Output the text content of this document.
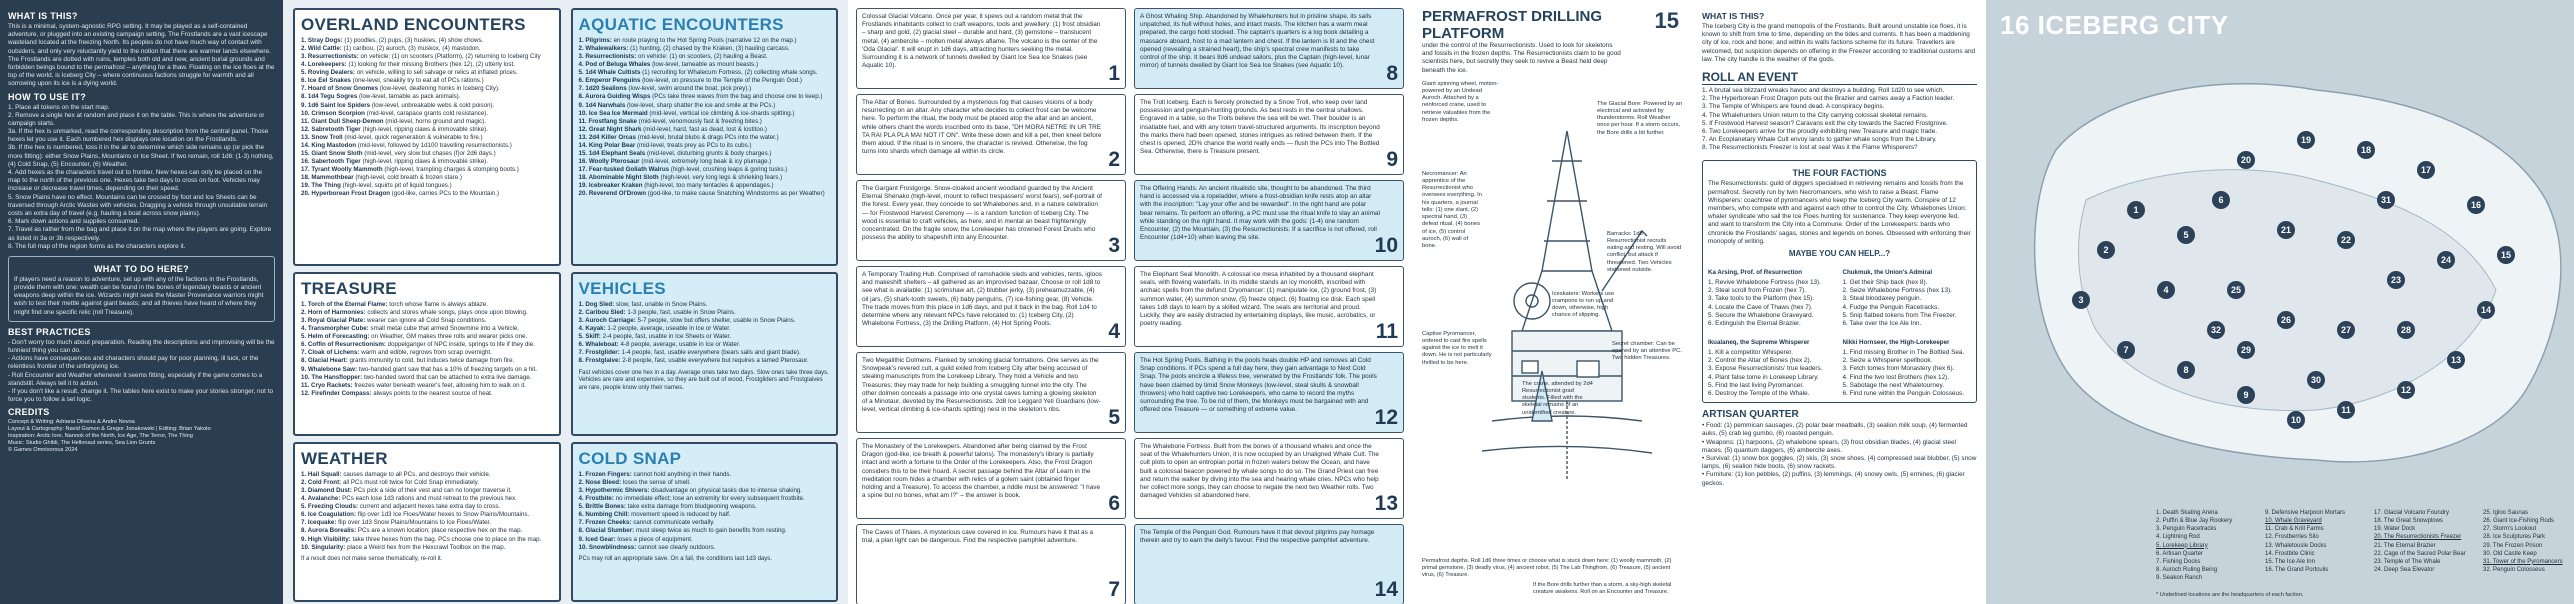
WHAT IS THIS?

This is a minimal, system-agnostic RPG setting. It may be played as a self-contained adventure, or plugged into an existing campaign setting. The Frostlands are a vast icescape wasteland located at the freezing North. Its peoples do not have much way of contact with outsiders, and only very reluctantly yield to the notion that there are warmer lands elsewhere. The Frostlands are dotted with ruins, temples both old and new, ancient burial grounds and forbidden beings bound to the permafrost – anything for a thaw. Floating on the ice floes at the top of the world, is Iceberg City – where continuous factions struggle for warmth and all sorrowing upon its ice is a dying world.

HOW TO USE IT?
1. Place all tokens on the start map.
2. Remove a single hex at random and place it on the table. This is where the adventure or campaign starts.
3a. If the hex is unmarked, read the corresponding description from the central panel. Those hexes let you use it. Each numbered hex displays one location on the Frostlands.
3b. If the hex is numbered, toss it in the air to determine which side remains up (or pick the more fitting): either Snow Plains, Mountains or Ice Sheet. If two remain, roll 1d6: (1-3) nothing, (4) Cold Snap, (5) Encounter, (6) Weather.
4. Add hexes as the characters travel out to frontier. New hexes can only be placed on the map to the north of the previous one. Hexes take two days to cross on foot. Vehicles may increase or decrease travel times, depending on their speed.
5. Snow Plains have no effect. Mountains can be crossed by foot and Ice Sheets can be traversed through Arctic Wastes with vehicles. Dragging a vehicle through unsuitable terrain costs an extra day of travel (e.g. hauling a boat across snow plains).
6. Mark down actions and supplies consumed.
7. Travel as rather from the bag and place it on the map where the players are going. Explore as listed in 3a or 3b respectively.
8. The full map of the region forms as the characters explore it.
WHAT TO DO HERE?

If players need a reason to adventure, set up with any of the factions in the Frostlands, provide them with one: wealth can be found in the bones of legendary beasts or ancient weapons deep within the ice. Wizards might seek the Master Provenance warriors might wish to test their mettle against giant beasts; and all thieves have heard of where they might find one specific relic (roll Treasure).

BEST PRACTICES

- Don't worry too much about preparation. Reading the descriptions and improvising will be the funniest thing you can do.
- Actions have consequences and characters should pay for poor planning, ill luck, or the relentless frontier of the unforgiving ice.
- Roll Encounter and Weather whenever it seems fitting, especially if the game comes to a standstill. Always tell it to action.
- If you don't like a result, change it. The tables here exist to make your stories stronger, not to force you to follow a set logic.

CREDITS

Concept & Writing: Adriana Oliveira & Andre Novoa
Layout & Cartography: Navid Gamon & Gregor Jonakowski | Editing: Brian Yakoto
Inspiration: Arctic lore, Nanook of the North, Ice Age, The Terror, The Thing
Music: Studio Ghibli, The Hellonaut series, Sea Lion Grunts
© Games Omnivorous 2024

OVERLAND ENCOUNTERS
1. Stray Dogs: (1) poodles, (2) pups, (3) huskies, (4) show chows.
2. Wild Cattle: (1) caribou, (2) auroch, (3) muskox, (4) mastodon.
3. Resurrectionists: on vehicle: (1) on scooters (Platform), (2) returning to Iceberg City
4. Lorekeepers: (1) looking for their missing Brothers (hex 12), (2) utterly lost.
5. Roving Dealers: on vehicle, willing to sell salvage or relics at inflated prices.
6. Ice Eel Snakes (one-level, sneakily try to eat all of PCs rations.)
7. Hoard of Snow Gnomes (low-level, deafening honks in Iceberg City).
8. 1d4 Tegu Sogres (low-level, tamable as pack animals).
9. 1d6 Saint Ice Spiders (low-level, unbreakable webs & cold poison).
10. Crimson Scorpion (mid-level, carapace grants cold resistance).
11. Giant Dull Sheep-Demon (mid-level, horns ground and magic).
12. Sabretooth Tiger (high-level, ripping claws & immovable strike).
13. Snow Troll (mid-level, quick regeneration & vulnerable to fire.)
14. King Mastodon (mid-level, followed by 1d100 travelling resurrectionists.)
15. Giant Snow Sloth (mid-level, very slow but chases (f)or 2d6 days.)
16. Sabertooth Tiger (high-level, ripping claws & immovable strike).
17. Tyrant Woolly Mammoth (high-level, trampling charges & stomping boots.)
18. Mammothbear (high-level, cold breath & frozen stare.)
19. The Thing (high-level, squirts pit of liquid tongues.)
20. Hyperborean Frost Dragon (god-like, carries PCs to the Mountain.)
AQUATIC ENCOUNTERS
1. Pilgrims: en route praying to the Hot Spring Pools (narrative 12 on the map.)
2. Whalewalkers: (1) hunting, (2) chased by the Kraken, (3) hauling carcass.
3. Resurrectionists: on vehicle: (1) on scooters, (2) hauling a Beast.
4. Pod of Beluga Whales (low-level, tameable as mount beasts.)
5. 1d4 Whale Cultists (1) recruiting for Whalecum Fortress, (2) collecting whale songs.
6. Emperor Penguins (low-level, on pressure to the Temple of the Penguin God.)
7. 1d20 Sealions (low-level, swim around the boat, pick prey).)
8. Aurora Guiding Wisps (PCs take three waves from the bag and choose one to keep.)
9. 1d4 Narwhals (low-level, sharp shatter the ice and smile at the PCs.)
10. Ice Sea Ice Mermaid (mid-level, vertical ice climbing & ice-shards spitting.)
11. Frostfang Snake (mid-level, venomously fast & freezing bites.)
12. Great Night Shark (mid-level, hard, fast as dead, lost & lostitoo.)
13. 2d4 Killer Orcas (mid-level, brutal blubs & drags PCs into the water.)
14. King Polar Bear (mid-level, treats prey as PCs to its cubs.)
15. 1d4 Elephant Seals (mid-level, disturbing grunts & body charges.)
16. Woolly Pterosaur (mid-level, extremely long beak & icy plumage.)
17. Fear-tusked Goliath Walrus (high-level, crushing leaps & goring tusks.)
18. Abominable Night Sloth (high-level, very long legs & shrieking fears.)
19. Icebreaker Kraken (high-level, too many tentacles & appendages.)
20. Reverend Ol'Drown (god-like, to make cause Snatching Windstorms as per Weather)
TREASURE
1. Torch of the Eternal Flame: torch whose flame is always ablaze.
2. Horn of Harmonies: collects and stores whale songs, plays once upon blowing.
3. Royal Glacial Plate: wearer can ignore all Cold Snap conditions.
4. Transmorpher Cube: small metal cube that armed Snowmine into a Vehicle.
5. Helm of Forecasting: on Weather, GM makes three rolls and wearer picks one.
6. Coffin of Resurrectionism: doppelganger of NPC inside, springs to life if they die.
7. Cloak of Lichens: warm and edible, regrows from scrap overnight.
8. Glacial Heart: grants immunity to cold, but induces twice damage from fire.
9. Whalebone Saw: two-handed giant saw that has a 10% of freezing targets on a hit.
10. The Hansflopper: two-handed sword that can be attached to extra live damage.
11. Cryo Rackets: freezes water beneath wearer's feet, allowing him to walk on it.
12. Firefinder Compass: always points to the nearest source of heat.
VEHICLES
1. Dog Sled: slow, fast, unable in Snow Plains.
2. Caribou Sled: 1-3 people, fast, usable in Snow Plains.
3. Auroch Carriage: 5-7 people, slow but offers shelter, usable in Snow Plains.
4. Kayak: 1-2 people, average, useable in Ice or Water.
5. Skiff: 2-4 people, fast, usable in Ice Sheets or Water.
6. Whaleboat: 4-8 people, average, usable in Ice or Water.
7. Frostglider: 1-4 people, fast, usable everywhere (bears sails and giant blade).
8. Frostglaive: 2-8 people, fast, usable everywhere but requires a tamed Pterosaur.

Fast vehicles cover one hex in a day. Average ones take two days. Slow ones take three days. Vehicles are rare and expensive, so they are built out of wood, Frostgliders and Frostglaives are rare, people know only their names.

WEATHER
1. Hail Squall: causes damage to all PCs, and destroys their vehicle.
2. Cold Front: all PCs must roll twice for Cold Snap immediately.
3. Diamond Dust: PCs pick a side of their vest and can no longer traverse it.
4. Avalanche: PCs each lose 1d3 rations and must retreat to the previous hex.
5. Freezing Clouds: current and adjacent hexes take extra day to cross.
6. Ice Coagulation: flip over 1d3 Ice Floes/Water hexes to Snow Plains/Mountains.
7. Icequake: flip over 1d3 Snow Plains/Mountains to Ice Floes/Water.
8. Aurora Borealis: PCs are a known location; place respective hex on the map.
9. High Visibility: take three hexes from the bag. PCs choose one to place on the map.
10. Singularity: place a Weird hex from the Hexcrawl Toolbox on the map.

If a result does not make sense thematically, re-roll it.

COLD SNAP
1. Frozen Fingers: cannot hold anything in their hands.
2. Nose Bleed: loses the sense of smell.
3. Hypothermic Shivers: disadvantage on physical tasks due to intense shaking.
4. Frostbite: no immediate effect; lose an extremity for every subsequent frostbite.
5. Brittle Bones: take extra damage from bludgeoning weapons.
6. Numbing Chill: movement speed is reduced by half.
7. Frozen Cheeks: cannot communicate verbally.
8. Glacial Slumber: must sleep twice as much to gain benefits from resting.
9. Iced Gear: loses a piece of equipment.
10. Snowblindness: cannot see clearly outdoors.

PCs may roll an appropriate save. On a fail, the conditions last 1d3 days.

Colossal Glacial Volcano. Once per year, it spews out a random metal that the Frostlands inhabitants collect to craft weapons, tools and jewellery: (1) frost obsidian – sharp and gold, (2) glacial steel – durable and hard, (3) gemstone – translucent metal, (4) ambercite – molten metal always aflame. The volcano is the center of the 'Oda Glacial'. It will erupt in 1d6 days, attracting hunters seeking the metal. Surrounding it is a network of tunnels dwelled by Giant Ice Sea Ice Snakes (see Aquatic 10).	1

A Ghost Whaling Ship. Abandoned by Whalehunters but in pristine shape, its sails unpatched, its hull without holes, and intact masts. The kitchen has a warm meal prepared, the cargo hold stocked. The captain's quarters is a log book detailing a massacre aboard, host to a mad lantern and chest. If the lantern is lit and the chest opened (revealing a strained heart), the ship's spectral crew manifests to take control of the ship. It bears 8d6 undead sailors, plus the Captain (high-level, lunar mirror) of tunnels dwelled by Giant Ice Sea Ice Snakes (see Aquatic 10).	8

The Altar of Bones. Surrounded by a mysterious fog that causes visions of a body resurrecting on an altar. Any character who decides to collect frost can be welcome here. To perform the ritual, the body must be placed atop the altar and an ancient, while others chant the words inscribed onto its base, "DH MORA NETRE IN UR TRE TA RAI PLA PLA MAI NOT IT ON". Write these down and kill a pet, then kneel before them aloud. If the ritual is in sincere, the character is revived. Otherwise, the fog turns into shards which damage all within its circle.	2

The Troll Iceberg. Each is fiercely protected by a Snow Troll, who keep over land possession and penguin-hunting grounds. As best rests in the central shallows. Engraved in a table, so the Trolls believe the sea will be wet. Their boulder is an insatiable fuel, and with any totem travel-structured arguments. Its inscription beyond the marks there had been opened, stones intrigues as retired between them. If the chest is opened, 2D% chance the world really ends — flush the PCs into The Bottled Sea. Otherwise, there is Treasure present.	9

The Gargant Frostgorge. Snow-cloaked ancient woodland guarded by the Ancient Eternal Shenako (high-level, mount to reflect trespassers' worst fears), self-portrait of the forest. Every year, they concede to set Whalebones and, in a nature celebration — for Frostwood Harvest Ceremony — is a random function of Iceberg City. The wood is essential to craft vehicles, as here, and in mental an beast frighteningly concentrated. On the fragile snow, the Lorekeeper has crowned Forest Druids who possess the ability to shapeshift into any Encounter.	3

The Offering Hands. An ancient ritualistic site, thought to be abandoned. The third hand is accessed via a ropeladder, where a frost-obsidian knife rests atop an altar with the inscription: "Lay your offer and be rewarded". In the right hand are polar bear remains. To perform an offering, a PC must use the ritual knife to slay an animal while standing on the right hand. It may work with the gods: (1-4) one random Encounter, (2) the Mountain, (3) the Resurrectionists. If a sacrifice is not offered, roll Encounter (1d4+10) when leaving the site.	10

A Temporary Trading Hub. Comprised of ramshackle sleds and vehicles, tents, igloos and makeshift shelters – all gathered as an improvised bazaar. Choose or roll 1d8 to see what is available: (1) scrimshaw art, (2) blubber jerky, (3) preheamuzzable, (4) oil jars, (5) shark-tooth sweets, (6) baby penguins, (7) ice-fishing gear, (8) Vehicle. The trade moves from this place in 1d6 days, and put it back in the bag. Roll 1d4 to determine where any relevant NPCs have relocated to: (1) Iceberg City, (2) Whalebone Fortress, (3) the Drilling Platform, (4) Hot Spring Pools.	4

The Elephant Seal Monolith. A colossal ice mesa inhabited by a thousand elephant seals, with flowing waterfalls. In its middle stands an icy monolith, inscribed with archaic spells from the defunct Cryomancer: (1) manipulate ice, (2) ground frost, (3) summon water, (4) summon snow, (5) freeze object, (6) floating ice disk. Each spell takes 1d8 days to learn by a skilled wizard. The seals are territorial and proud. Luckily, they are easily distracted by entertaining displays, like music, acrobatics, or poetry reading.	11

Two Megalithic Dolmens. Flanked by smoking glacial formations. One serves as the Snowpeak's revered cult, a guild exiled from Iceberg City after being accused of stealing manuscripts from the Lorekeep Library. They hold a Vehicle and two Treasures; they may trade for help building a smuggling tunnel into the city. The other dolmen conceals a passage into one crystal caves turning a glowing skeleton of a Minotaur, devoted by the Resurrectionists. 2d8 Ice Leggard Yeti Guardians (low-level, vertical climbing & ice-shards spitting) nest in the skeleton's ribs.	5

The Hot Spring Pools. Bathing in the pools heals double HP and removes all Cold Snap conditions. If PCs spend a full day here, they gain advantage to Next Cold Snap. The pools encircle a lifeless tree, venerated by the Frostlands' folk. The pools have been claimed by timid Snow Monkeys (low-level, steal skulls & snowball throwers) who hold captive two Lorekeepers, who came to record the myths surrounding the tree. To be rid of them, the Monkeys must be bargained with and offered one Treasure — or something of extreme value.	12

The Monastery of the Lorekeepers. Abandoned after being claimed by the Frost Dragon (god-like, ice breath & powerful talons). The monastery's library is partially intact and worth a fortune to the Order of the Lorekeepers. Also, the Frost Dragon considers this to be their hoard. A secret passage behind the Altar of Learn in the meditation room hides a chamber with relics of a golem saint (obtained finger holding and a Treasure). To access the chamber, a riddle must be answered: "I have a spine but no bones, what am I?" – the answer is book.	6

The Whalebone Fortress. Built from the bones of a thousand whales and once the seat of the Whalehunters Union, it is now occupied by an Unaligned Whale Cult. The cult plots to open an entropian portal in frozen waters below the Ocean, and have built a colossal beacon powered by whale songs to do so. The Grand Priest can free and return the walker by diving into the sea and hearing whale cries. NPCs who help her collect more songs, they can choose to negate the next two Weather rolls. Two damaged Vehicles sit abandoned here.	13

The Caves of Thaws. A mysterious cave covered in ice. Rumours have it that as a trial, a plan light can be dangerous. Find the respective pamphlet adventure.

7

The Temple of the Penguin God. Rumours have it that devout pilgrims pay homage therein and try to earn the deity's favour. Find the respective pamphlet adventure.

14
PERMAFROST DRILLING PLATFORM
15

under the control of the Resurrectionists. Used to look for skeletons and fossils in the frozen depths. The Resurrectionists claim to be good scientists here, but secretly they seek to revive a Beast held deep beneath the ice.

Giant spinning wheel, motion-powered by an Undead Auroch. Attached by a reinforced crane, used to retrieve valuables from the frozen depths.
The Glacial Bore: Powered by an electrical and activated by thunderstorms. Roll Weather once per hour. If a storm occurs, the Bore drills a bit further.
Necromancer: An apprentice of the Resurrectionist who oversees everything. In his quarters, a journal tells: (1) one slant, (2) spectral hand, (3) defeat ritual, (4) bones of ice, (5) control auroch, (6) wall of bone.
Barracks: 1d8 Resurrectionist recruits eating and resting. Will avoid conflict, but attack if threatened. Two Vehicles stationed outside.
Iceskaters: Workers use crampons to run up and down, otherwise, high chance of slipping.
Captive Pyromancer, ordered to cast fire spells against the ice to melt it down. He is not particularly thrilled to be here.
The crane, attended by 2d4 Resurrectionist grad students. Filled with the skeletal remains of an unidentified creature.
Secret chamber: Can be opened by an attentive PC. Two hidden Treasures.

Permafrost depths. Roll 1d6 three times or choose what is stuck down here: (1) woolly mammoth, (2) primal gemstone, (3) deadly virus, (4) ancient robot, (5) The Lab Thingfrom, (6) Treasure, (5) ancient virus, (6) Treasure.

If the Bore drills further than a storm, a sky-high skeletal creature awakens. Roll on an Encounter and Treasure.

WHAT IS THIS?

The Iceberg City is the grand metropolis of the Frostlands. Built around unstable ice floes, it is known to shift from time to time, depending on the tides and currents. It has been a maddening city of ice, rock and bone; and within its walls factions scheme for its future. Travellers are welcomed, but suspicion depends on offering in the Freezer according to traditional customs and law. The city handle is the weather of the gods.

ROLL AN EVENT
1. A brutal sea blizzard wreaks havoc and destroys a building. Roll 1d20 to see which.
2. The Hyperborean Frost Dragon puts out the Brazier and carries away a Faction leader.
3. The Temple of Whispers are found dead. A conspiracy begins.
4. The Whalehunters Union return to the City carrying colossal skeletal remains.
5. If Frostwood Harvest season? Caravans exit the city towards the Sacred Frostgrove.
6. Two Lorekeepers arrive for the proudly exhibiting new Treasure and magic trade.
7. An Ecoplanetary Whale Cult envoy lands to gather whale songs from the Library.
8. The Resurrectionists Freezer is lost at sea! Was it the Flame Whisperers?
THE FOUR FACTIONS

The Resurrectionists: guild of diggers specialised in retrieving remains and fossils from the permafrost. Secretly run by twin Necromancers, who wish to raise a Beast. Flame Whisperers: coachtree of pyromancers who keep the Iceberg City warm. Conspire of 12 members, who compete with and against each other to control the City. Whalebones Union: whaler syndicate who sail the Ice Floes hunting for sustenance. They keep everyone fed, and want to transform the City into a Commune. Order of the Lorekeepers: bards who chronicle the Frostlands' sagas, stories and legends on bones. Obsessed with enforcing their monopoly of writing.

MAYBE YOU CAN HELP...?
Ka Arsing, Prof. of Resurrection
1. Revive Whalebone Fortress (hex 13).
2. Steal scroll from Frozen (hex 7).
3. Take tools to the Platform (hex 15).
4. Locate the Cave of Thaws (hex 7).
5. Secure the Whalebone Graveyard.
6. Extinguish the Eternal Brazier.
Chukmuk, the Union's Admiral
1. Get their Ship back (hex 8).
2. Seize Whalebone Fortress (hex 13).
3. Steal bloodaxey penguin.
4. Fudge the Penguin Racetracks.
5. Snip flatbed tokens from The Freezer.
6. Take over the Ice Ale Inn.
Ikualaneq, the Supreme Whisperer
1. Kill a competitor Whisperer.
2. Control the Altar of Bones (hex 2).
3. Expose Resurrectionists' true leaders.
4. Plant false tome in Lorekeep Library.
5. Find the last living Pyromancer.
6. Destroy the Temple of the Whale.
Nikki Hornseer, the High-Lorekeeper
1. Find missing Brother in The Bottled Sea.
2. Seize a Whisperer spellbook.
3. Fetch tomes from Monastery (hex 6).
4. Find the two lost Brothers (hex 12).
5. Sabotage the next Whaletourney.
6. Find rune within the Penguin Colosseus.
ARTISAN QUARTER

• Food: (1) pemmican sausages, (2) polar bear meatballs, (3) sealion milk soup, (4) fermented auks, (5) crab leg gumbo, (6) roasted penguin.
• Weapons: (1) harpoons, (2) whalebone spears, (3) frost obsidian blades, (4) glacial steel maces, (5) quantum daggers, (6) ambercite axes.
• Survival: (1) snow box goggles, (2) skis, (3) snow shoes, (4) compressed seal blubber, (5) snow lamps, (6) sealion hide boots, (6) snow rackets.
• Furniture: (1) lion pebbles, (2) puffins, (3) lemmings, (4) snowy owls, (5) ermines, (6) glacier geckos.

1
2
3
4
5
6
7
8
9
10
11
12
13
14
15
16
17
18
19
20
21
22
23
24
25
26
27	28
29
30
31
32
16 ICEBERG CITY
1. Death Skating Arena
2. Puffin & Blue Jay Rookery
3. Penguin Racetracks
4. Lightning Rod
5. Lorekeep Library
6. Artisan Quarter
7. Fishing Docks
8. Auroch Ruling Being
9. Seakon Ranch
9. Defensive Harpoon Mortars
10. Whale Graveyard
11. Crab & Krill Farms
12. Frostberries Silo
13. Whaletousle Docks
14. Frostbite Clinic
15. The Ice Ale Inn
16. The Grand Portculis
17. Glacial Volcano Foundry
18. The Great Snowplows
19. Water Dock
20. The Resurrectionists Freezer
21. The Eternal Brazier
22. Cage of the Sacred Polar Bear
23. Temple of The Whale
24. Deep Sea Elevator
25. Igloo Saunas
26. Giant Ice-Fishing Rods
27. Storm's Lookout
28. Ice Sculptures Park
29. The Frozen Prison
30. Old Castle Keep
31. Tower of the Pyromancers
32. Penguin Colosseus
* Underlined locations are the headquarters of each faction.
